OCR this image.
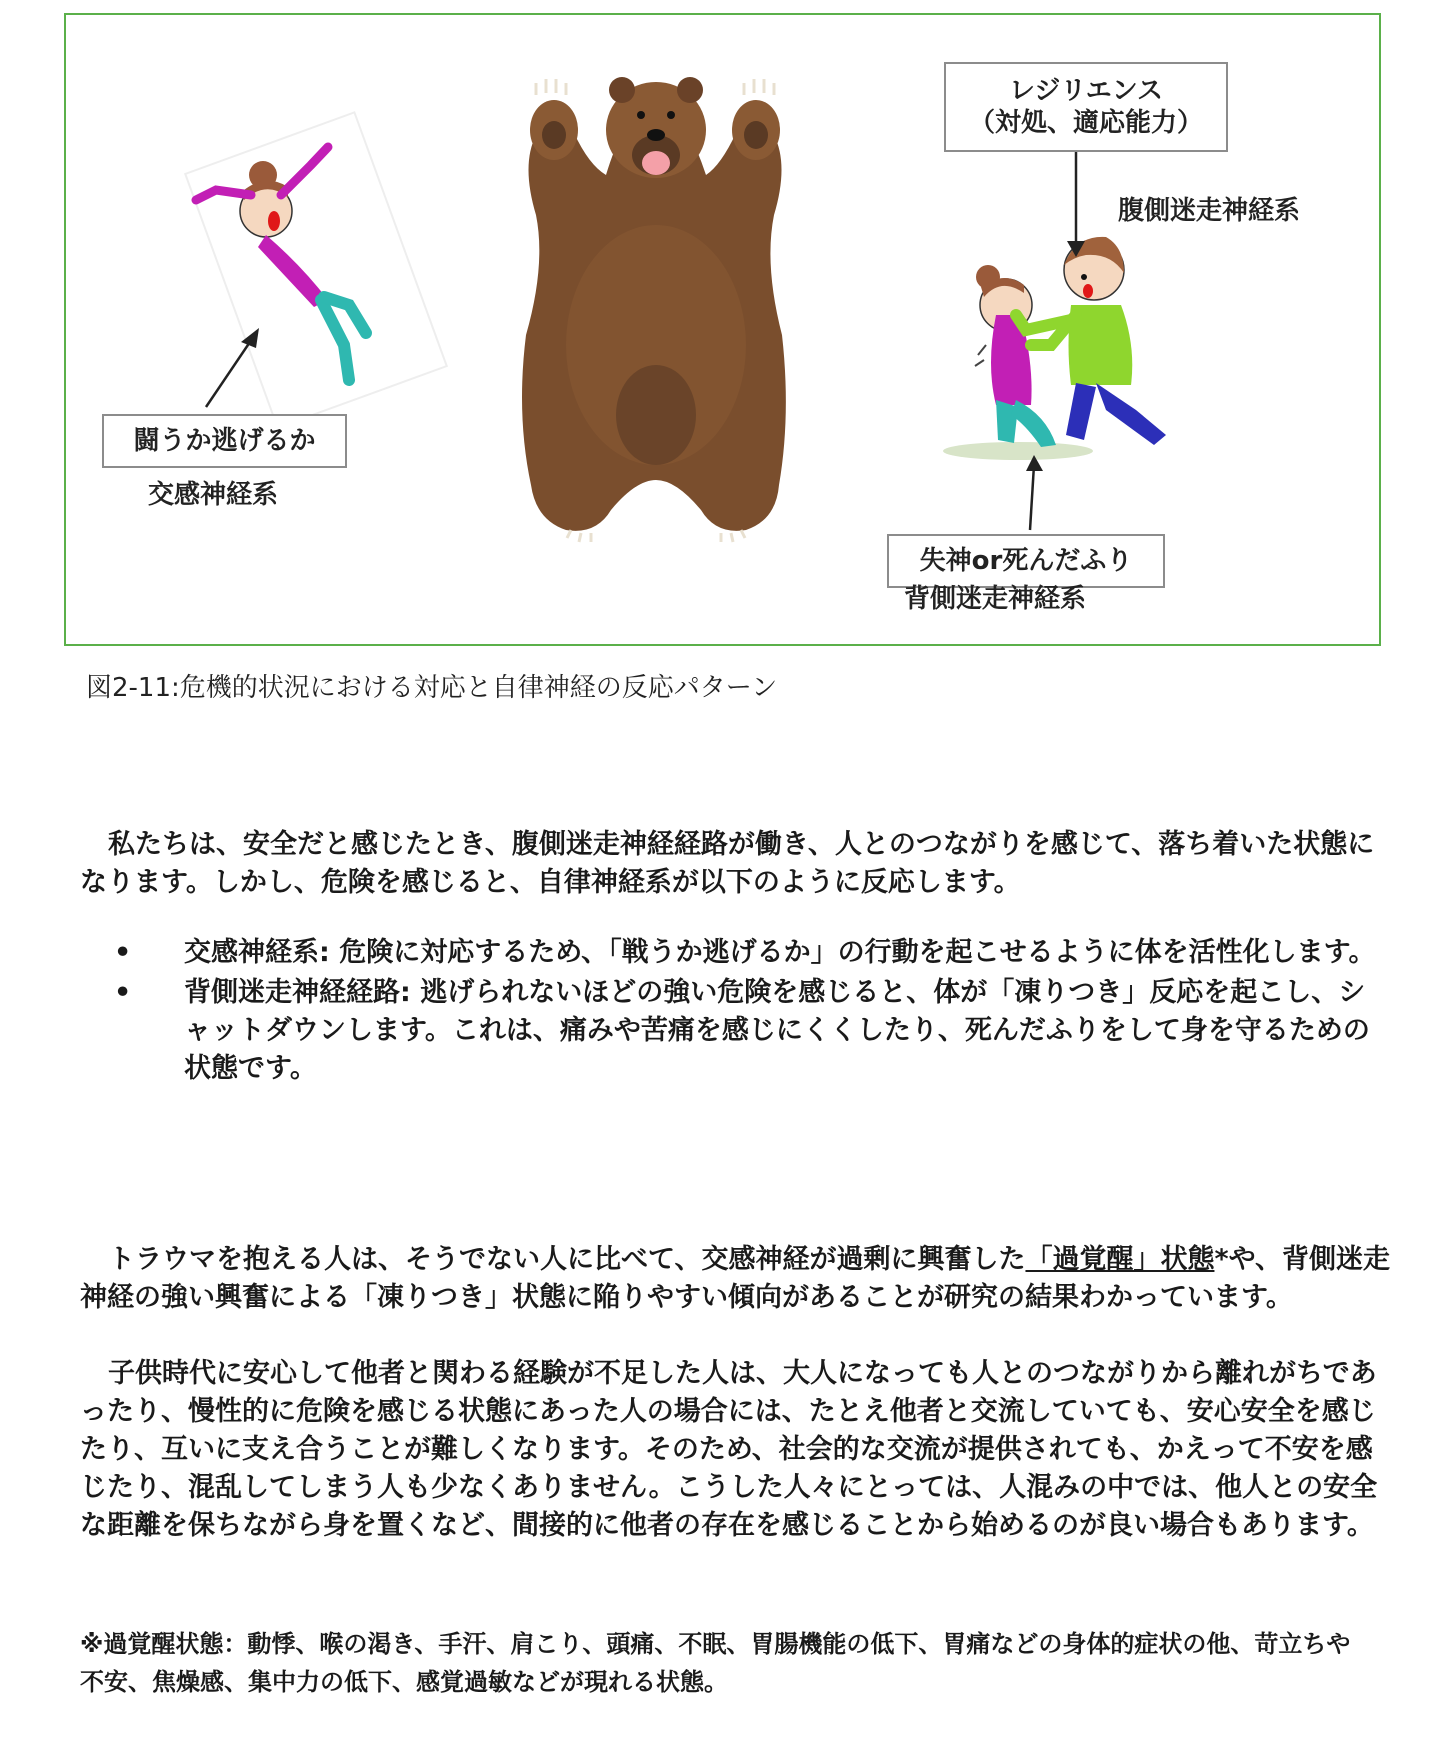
闘うか逃げるか
交感神経系
レジリエンス
（対処、適応能力）
腹側迷走神経系
失神or死んだふり
背側迷走神経系
図2-11:危機的状況における対応と自律神経の反応パターン

私たちは、安全だと感じたとき、腹側迷走神経経路が働き、人とのつながりを感じて、落ち着いた状態になります。しかし、危険を感じると、自律神経系が以下のように反応します。

• 交感神経系: 危険に対応するため、「戦うか逃げるか」の行動を起こせるように体を活性化します。
• 背側迷走神経経路: 逃げられないほどの強い危険を感じると、体が「凍りつき」反応を起こし、シャットダウンします。これは、痛みや苦痛を感じにくくしたり、死んだふりをして身を守るための状態です。

トラウマを抱える人は、そうでない人に比べて、交感神経が過剰に興奮した「過覚醒」状態*や、背側迷走神経の強い興奮による「凍りつき」状態に陥りやすい傾向があることが研究の結果わかっています。

子供時代に安心して他者と関わる経験が不足した人は、大人になっても人とのつながりから離れがちであったり、慢性的に危険を感じる状態にあった人の場合には、たとえ他者と交流していても、安心安全を感じたり、互いに支え合うことが難しくなります。そのため、社会的な交流が提供されても、かえって不安を感じたり、混乱してしまう人も少なくありません。こうした人々にとっては、人混みの中では、他人との安全な距離を保ちながら身を置くなど、間接的に他者の存在を感じることから始めるのが良い場合もあります。

※過覚醒状態：動悸、喉の渇き、手汗、肩こり、頭痛、不眠、胃腸機能の低下、胃痛などの身体的症状の他、苛立ちや不安、焦燥感、集中力の低下、感覚過敏などが現れる状態。
